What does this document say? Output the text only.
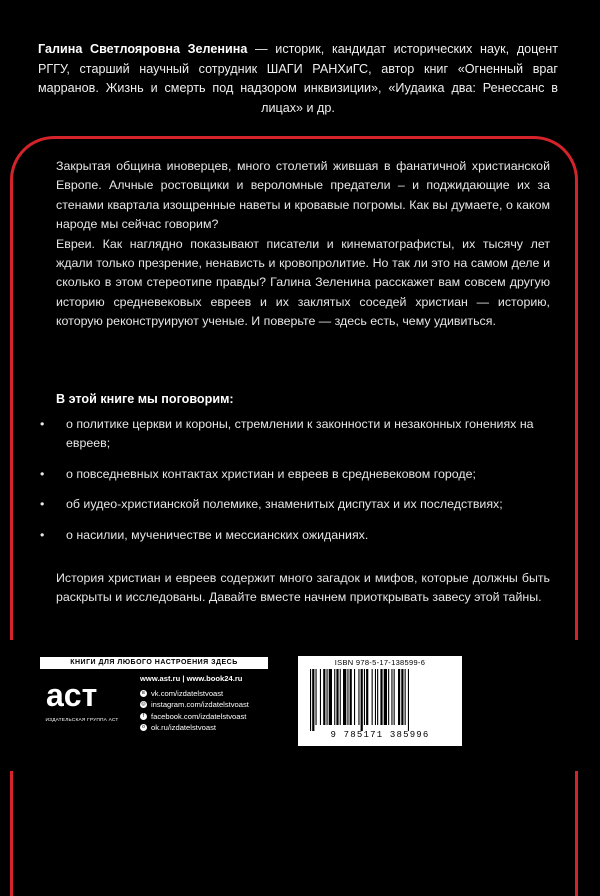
Галина Светлояровна Зеленина — историк, кандидат исторических наук, доцент РГГУ, старший научный сотрудник ШАГИ РАНХиГС, автор книг «Огненный враг марранов. Жизнь и смерть под надзором инквизиции», «Иудаика два: Ренессанс в лицах» и др.

Закрытая община иноверцев, много столетий жившая в фанатичной христианской Европе. Алчные ростовщики и вероломные предатели – и поджидающие их за стенами квартала изощренные наветы и кровавые погромы. Как вы думаете, о каком народе мы сейчас говорим?

Евреи. Как наглядно показывают писатели и кинематографисты, их тысячу лет ждали только презрение, ненависть и кровопролитие. Но так ли это на самом деле и сколько в этом стереотипе правды? Галина Зеленина расскажет вам совсем другую историю средневековых евреев и их заклятых соседей христиан — историю, которую реконструируют ученые. И поверьте — здесь есть, чему удивиться.

В этой книге мы поговорим:
•	о политике церкви и короны, стремлении к законности и незаконных гонениях на евреев;
•	о повседневных контактах христиан и евреев в средневековом городе;
•	об иудео-христианской полемике, знаменитых диспутах и их последствиях;
•	о насилии, мученичестве и мессианских ожиданиях.
История христиан и евреев содержит много загадок и мифов, которые должны быть раскрыты и исследованы. Давайте вместе начнем приоткрывать завесу этой тайны.
КНИГИ ДЛЯ ЛЮБОГО НАСТРОЕНИЯ ЗДЕСЬ
аст
ИЗДАТЕЛЬСКАЯ ГРУППА АСТ
www.ast.ru | www.book24.ru
в vk.com/izdatelstvoast
◎ instagram.com/izdatelstvoast
f facebook.com/izdatelstvoast
о ok.ru/izdatelstvoast
ISBN 978-5-17-138599-6
9 785171 385996
